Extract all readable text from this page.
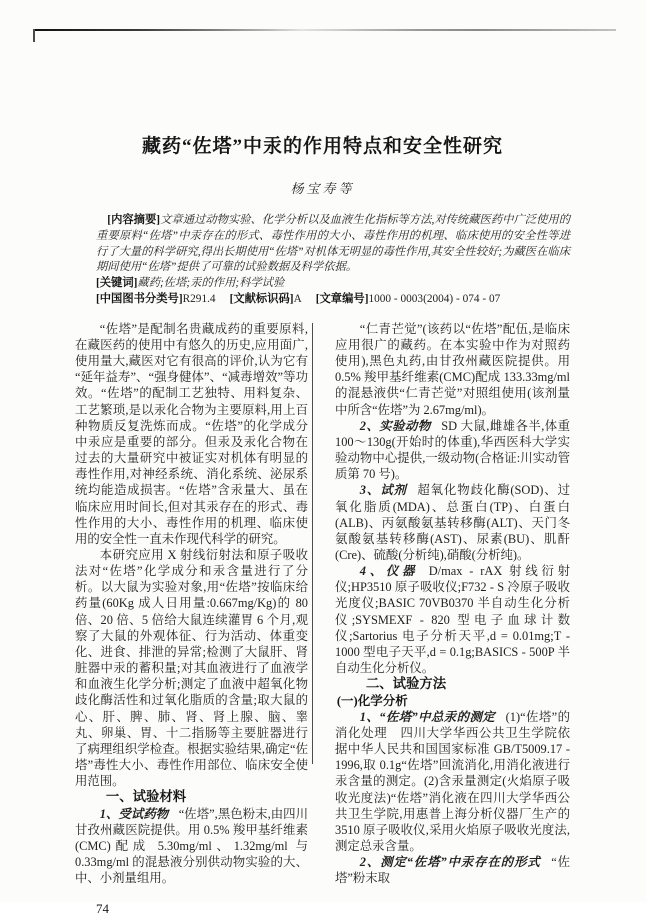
藏药“佐塔”中汞的作用特点和安全性研究
杨宝寿等

[内容摘要]文章通过动物实验、化学分析以及血液生化指标等方法,对传统藏医药中广泛使用的重要原料“佐塔”中汞存在的形式、毒性作用的大小、毒性作用的机理、临床使用的安全性等进行了大量的科学研究,得出长期使用“佐塔”对机体无明显的毒性作用,其安全性较好;为藏医在临床期间使用“佐塔”提供了可靠的试验数据及科学依据。

[关键词]藏药;佐塔;汞的作用;科学试验

[中国图书分类号]R291.4 [文献标识码]A [文章编号]1000 - 0003(2004) - 074 - 07

“佐塔”是配制名贵藏成药的重要原料,在藏医药的使用中有悠久的历史,应用面广,使用量大,藏医对它有很高的评价,认为它有“延年益寿”、“强身健体”、“减毒增效”等功效。“佐塔”的配制工艺独特、用料复杂、工艺繁琐,是以汞化合物为主要原料,用上百种物质反复洗炼而成。“佐塔”的化学成分中汞应是重要的部分。但汞及汞化合物在过去的大量研究中被证实对机体有明显的毒性作用,对神经系统、消化系统、泌尿系统均能造成损害。“佐塔”含汞量大、虽在临床应用时间长,但对其汞存在的形式、毒性作用的大小、毒性作用的机理、临床使用的安全性一直未作现代科学的研究。

本研究应用 X 射线衍射法和原子吸收法对“佐塔”化学成分和汞含量进行了分析。以大鼠为实验对象,用“佐塔”按临床给药量(60Kg 成人日用量:0.667mg/Kg)的 80 倍、20 倍、5 倍给大鼠连续灌胃 6 个月,观察了大鼠的外观体征、行为活动、体重变化、进食、排泄的异常;检测了大鼠肝、肾脏器中汞的蓄积量;对其血液进行了血液学和血液生化学分析;测定了血液中超氧化物歧化酶活性和过氧化脂质的含量;取大鼠的心、肝、脾、肺、肾、肾上腺、脑、睾丸、卵巢、胃、十二指肠等主要脏器进行了病理组织学检查。根据实验结果,确定“佐塔”毒性大小、毒性作用部位、临床安全使用范围。

一、试验材料

1、受试药物 “佐塔”,黑色粉末,由四川甘孜州藏医院提供。用 0.5% 羧甲基纤维素(CMC)配成 5.30mg/ml、1.32mg/ml 与 0.33mg/ml 的混悬液分别供动物实验的大、中、小剂量组用。

74

“仁青芒觉”(该药以“佐塔”配伍,是临床应用很广的藏药。在本实验中作为对照药使用),黑色丸药,由甘孜州藏医院提供。用 0.5% 羧甲基纤维素(CMC)配成 133.33mg/ml 的混悬液供“仁青芒觉”对照组使用(该剂量中所含“佐塔”为 2.67mg/ml)。

2、实验动物 SD 大鼠,雌雄各半,体重 100～130g(开始时的体重),华西医科大学实验动物中心提供,一级动物(合格证:川实动管质第 70 号)。

3、试剂 超氧化物歧化酶(SOD)、过氧化脂质(MDA)、总蛋白(TP)、白蛋白(ALB)、丙氨酸氨基转移酶(ALT)、天门冬氨酸氨基转移酶(AST)、尿素(BU)、肌酐(Cre)、硫酸(分析纯),硝酸(分析纯)。

4、仪器 D/max - rAX 射线衍射仪;HP3510 原子吸收仪;F732 - S 冷原子吸收光度仪;BASIC 70VB0370 半自动生化分析仪;SYSMEXF - 820 型电子血球计数仪;Sartorius 电子分析天平,d = 0.01mg;T - 1000 型电子天平,d = 0.1g;BASICS - 500P 半自动生化分析仪。

二、试验方法
(一)化学分析

1、“佐塔”中总汞的测定 (1)“佐塔”的消化处理　四川大学华西公共卫生学院依据中华人民共和国国家标准 GB/T5009.17 - 1996,取 0.1g“佐塔”回流消化,用消化液进行汞含量的测定。(2)含汞量测定(火焰原子吸收光度法)“佐塔”消化液在四川大学华西公共卫生学院,用惠普上海分析仪器厂生产的 3510 原子吸收仪,采用火焰原子吸收光度法,测定总汞含量。

2、测定“佐塔”中汞存在的形式 “佐塔”粉末取
